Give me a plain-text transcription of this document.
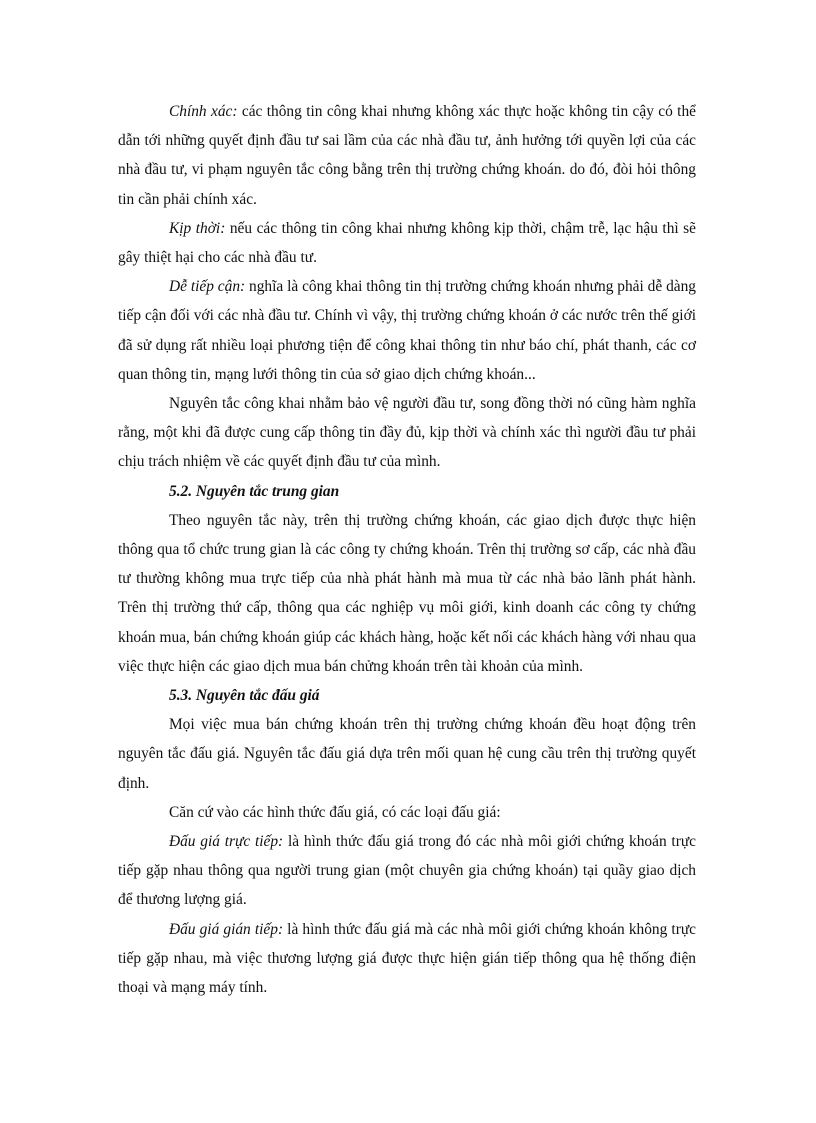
Chính xác: các thông tin công khai nhưng không xác thực hoặc không tin cậy có thể dẫn tới những quyết định đầu tư sai lầm của các nhà đầu tư, ảnh hưởng tới quyền lợi của các nhà đầu tư, vi phạm nguyên tắc công bằng trên thị trường chứng khoán. do đó, đòi hỏi thông tin cần phải chính xác.

Kịp thời: nếu các thông tin công khai nhưng không kịp thời, chậm trễ, lạc hậu thì sẽ gây thiệt hại cho các nhà đầu tư.

Dễ tiếp cận: nghĩa là công khai thông tin thị trường chứng khoán nhưng phải dễ dàng tiếp cận đối với các nhà đầu tư. Chính vì vậy, thị trường chứng khoán ở các nước trên thế giới đã sử dụng rất nhiều loại phương tiện để công khai thông tin như báo chí, phát thanh, các cơ quan thông tin, mạng lưới thông tin của sở giao dịch chứng khoán...

Nguyên tắc công khai nhằm bảo vệ người đầu tư, song đồng thời nó cũng hàm nghĩa rằng, một khi đã được cung cấp thông tin đầy đủ, kịp thời và chính xác thì người đầu tư phải chịu trách nhiệm về các quyết định đầu tư của mình.

5.2. Nguyên tắc trung gian

Theo nguyên tắc này, trên thị trường chứng khoán, các giao dịch được thực hiện thông qua tổ chức trung gian là các công ty chứng khoán. Trên thị trường sơ cấp, các nhà đầu tư thường không mua trực tiếp của nhà phát hành mà mua từ các nhà bảo lãnh phát hành. Trên thị trường thứ cấp, thông qua các nghiệp vụ môi giới, kinh doanh các công ty chứng khoán mua, bán chứng khoán giúp các khách hàng, hoặc kết nối các khách hàng với nhau qua việc thực hiện các giao dịch mua bán chửng khoán trên tài khoản của mình.

5.3. Nguyên tắc đấu giá

Mọi việc mua bán chứng khoán trên thị trường chứng khoán đều hoạt động trên nguyên tắc đấu giá. Nguyên tắc đấu giá dựa trên mối quan hệ cung cầu trên thị trường quyết định.

Căn cứ vào các hình thức đấu giá, có các loại đấu giá:

Đấu giá trực tiếp: là hình thức đấu giá trong đó các nhà môi giới chứng khoán trực tiếp gặp nhau thông qua người trung gian (một chuyên gia chứng khoán) tại quầy giao dịch để thương lượng giá.

Đấu giá gián tiếp: là hình thức đấu giá mà các nhà môi giới chứng khoán không trực tiếp gặp nhau, mà việc thương lượng giá được thực hiện gián tiếp thông qua hệ thống điện thoại và mạng máy tính.
